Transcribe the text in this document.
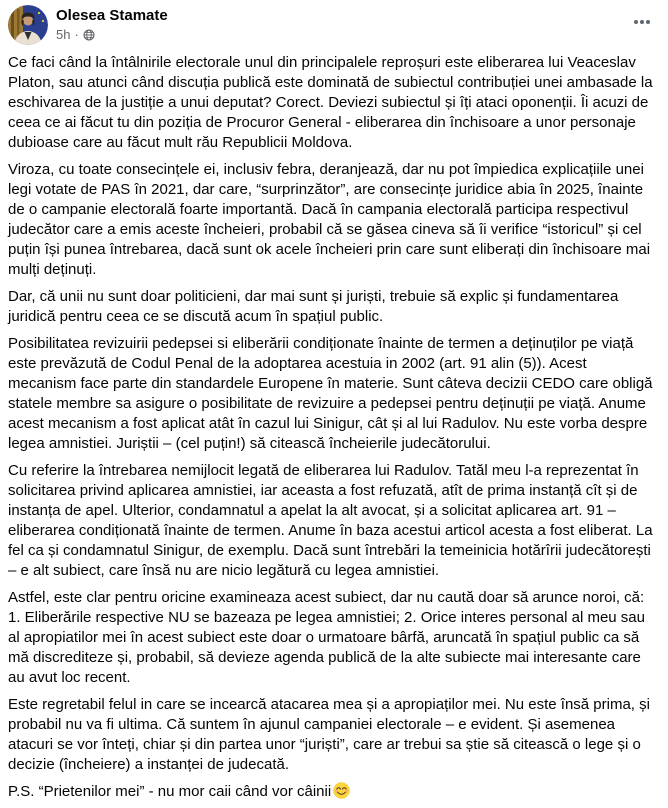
Olesea Stamate
5h ·

Ce faci când la întâlnirile electorale unul din principalele reproșuri este eliberarea lui Veaceslav Platon, sau atunci când discuția publică este dominată de subiectul contribuției unei ambasade la eschivarea de la justiție a unui deputat? Corect. Deviezi subiectul și îți ataci oponenții. Îi acuzi de ceea ce ai făcut tu din poziția de Procuror General - eliberarea din închisoare a unor personaje dubioase care au făcut mult rău Republicii Moldova.

Viroza, cu toate consecințele ei, inclusiv febra, deranjează, dar nu pot împiedica explicațiile unei legi votate de PAS în 2021, dar care, “surprinzător”, are consecințe juridice abia în 2025, înainte de o campanie electorală foarte importantă. Dacă în campania electorală participa respectivul judecător care a emis aceste încheieri, probabil că se găsea cineva să îi verifice “istoricul” și cel puțin își punea întrebarea, dacă sunt ok acele încheieri prin care sunt eliberați din închisoare mai mulți deținuți.

Dar, că unii nu sunt doar politicieni, dar mai sunt și juriști, trebuie să explic și fundamentarea juridică pentru ceea ce se discută acum în spațiul public.

Posibilitatea revizuirii pedepsei si eliberării condiționate înainte de termen a deținuților pe viață este prevăzută de Codul Penal de la adoptarea acestuia in 2002 (art. 91 alin (5)). Acest mecanism face parte din standardele Europene în materie. Sunt câteva decizii CEDO care obligă statele membre sa asigure o posibilitate de revizuire a pedepsei pentru deținuții pe viață. Anume acest mecanism a fost aplicat atât în cazul lui Sinigur, cât și al lui Radulov. Nu este vorba despre legea amnistiei. Juriștii – (cel puțin!) să citească încheierile judecătorului.

Cu referire la întrebarea nemijlocit legată de eliberarea lui Radulov. Tatăl meu l-a reprezentat în solicitarea privind aplicarea amnistiei, iar aceasta a fost refuzată, atît de prima instanță cît și de instanța de apel. Ulterior, condamnatul a apelat la alt avocat, și a solicitat aplicarea art. 91 – eliberarea condiționată înainte de termen. Anume în baza acestui articol acesta a fost eliberat. La fel ca și condamnatul Sinigur, de exemplu. Dacă sunt întrebări la temeinicia hotărîrii judecătorești – e alt subiect, care însă nu are nicio legătură cu legea amnistiei.

Astfel, este clar pentru oricine examineaza acest subiect, dar nu caută doar să arunce noroi, că: 1. Eliberările respective NU se bazeaza pe legea amnistiei; 2. Orice interes personal al meu sau al apropiatilor mei în acest subiect este doar o urmatoare bârfă, aruncată în spațiul public ca să mă discrediteze și, probabil, să devieze agenda publică de la alte subiecte mai interesante care au avut loc recent.

Este regretabil felul in care se incearcă atacarea mea și a apropiaților mei. Nu este însă prima, și probabil nu va fi ultima. Că suntem în ajunul campaniei electorale – e evident. Și asemenea atacuri se vor înteți, chiar și din partea unor “juriști”, care ar trebui sa știe să citească o lege și o decizie (încheiere) a instanței de judecată.

P.S. “Prietenilor mei” - nu mor caii când vor câinii
